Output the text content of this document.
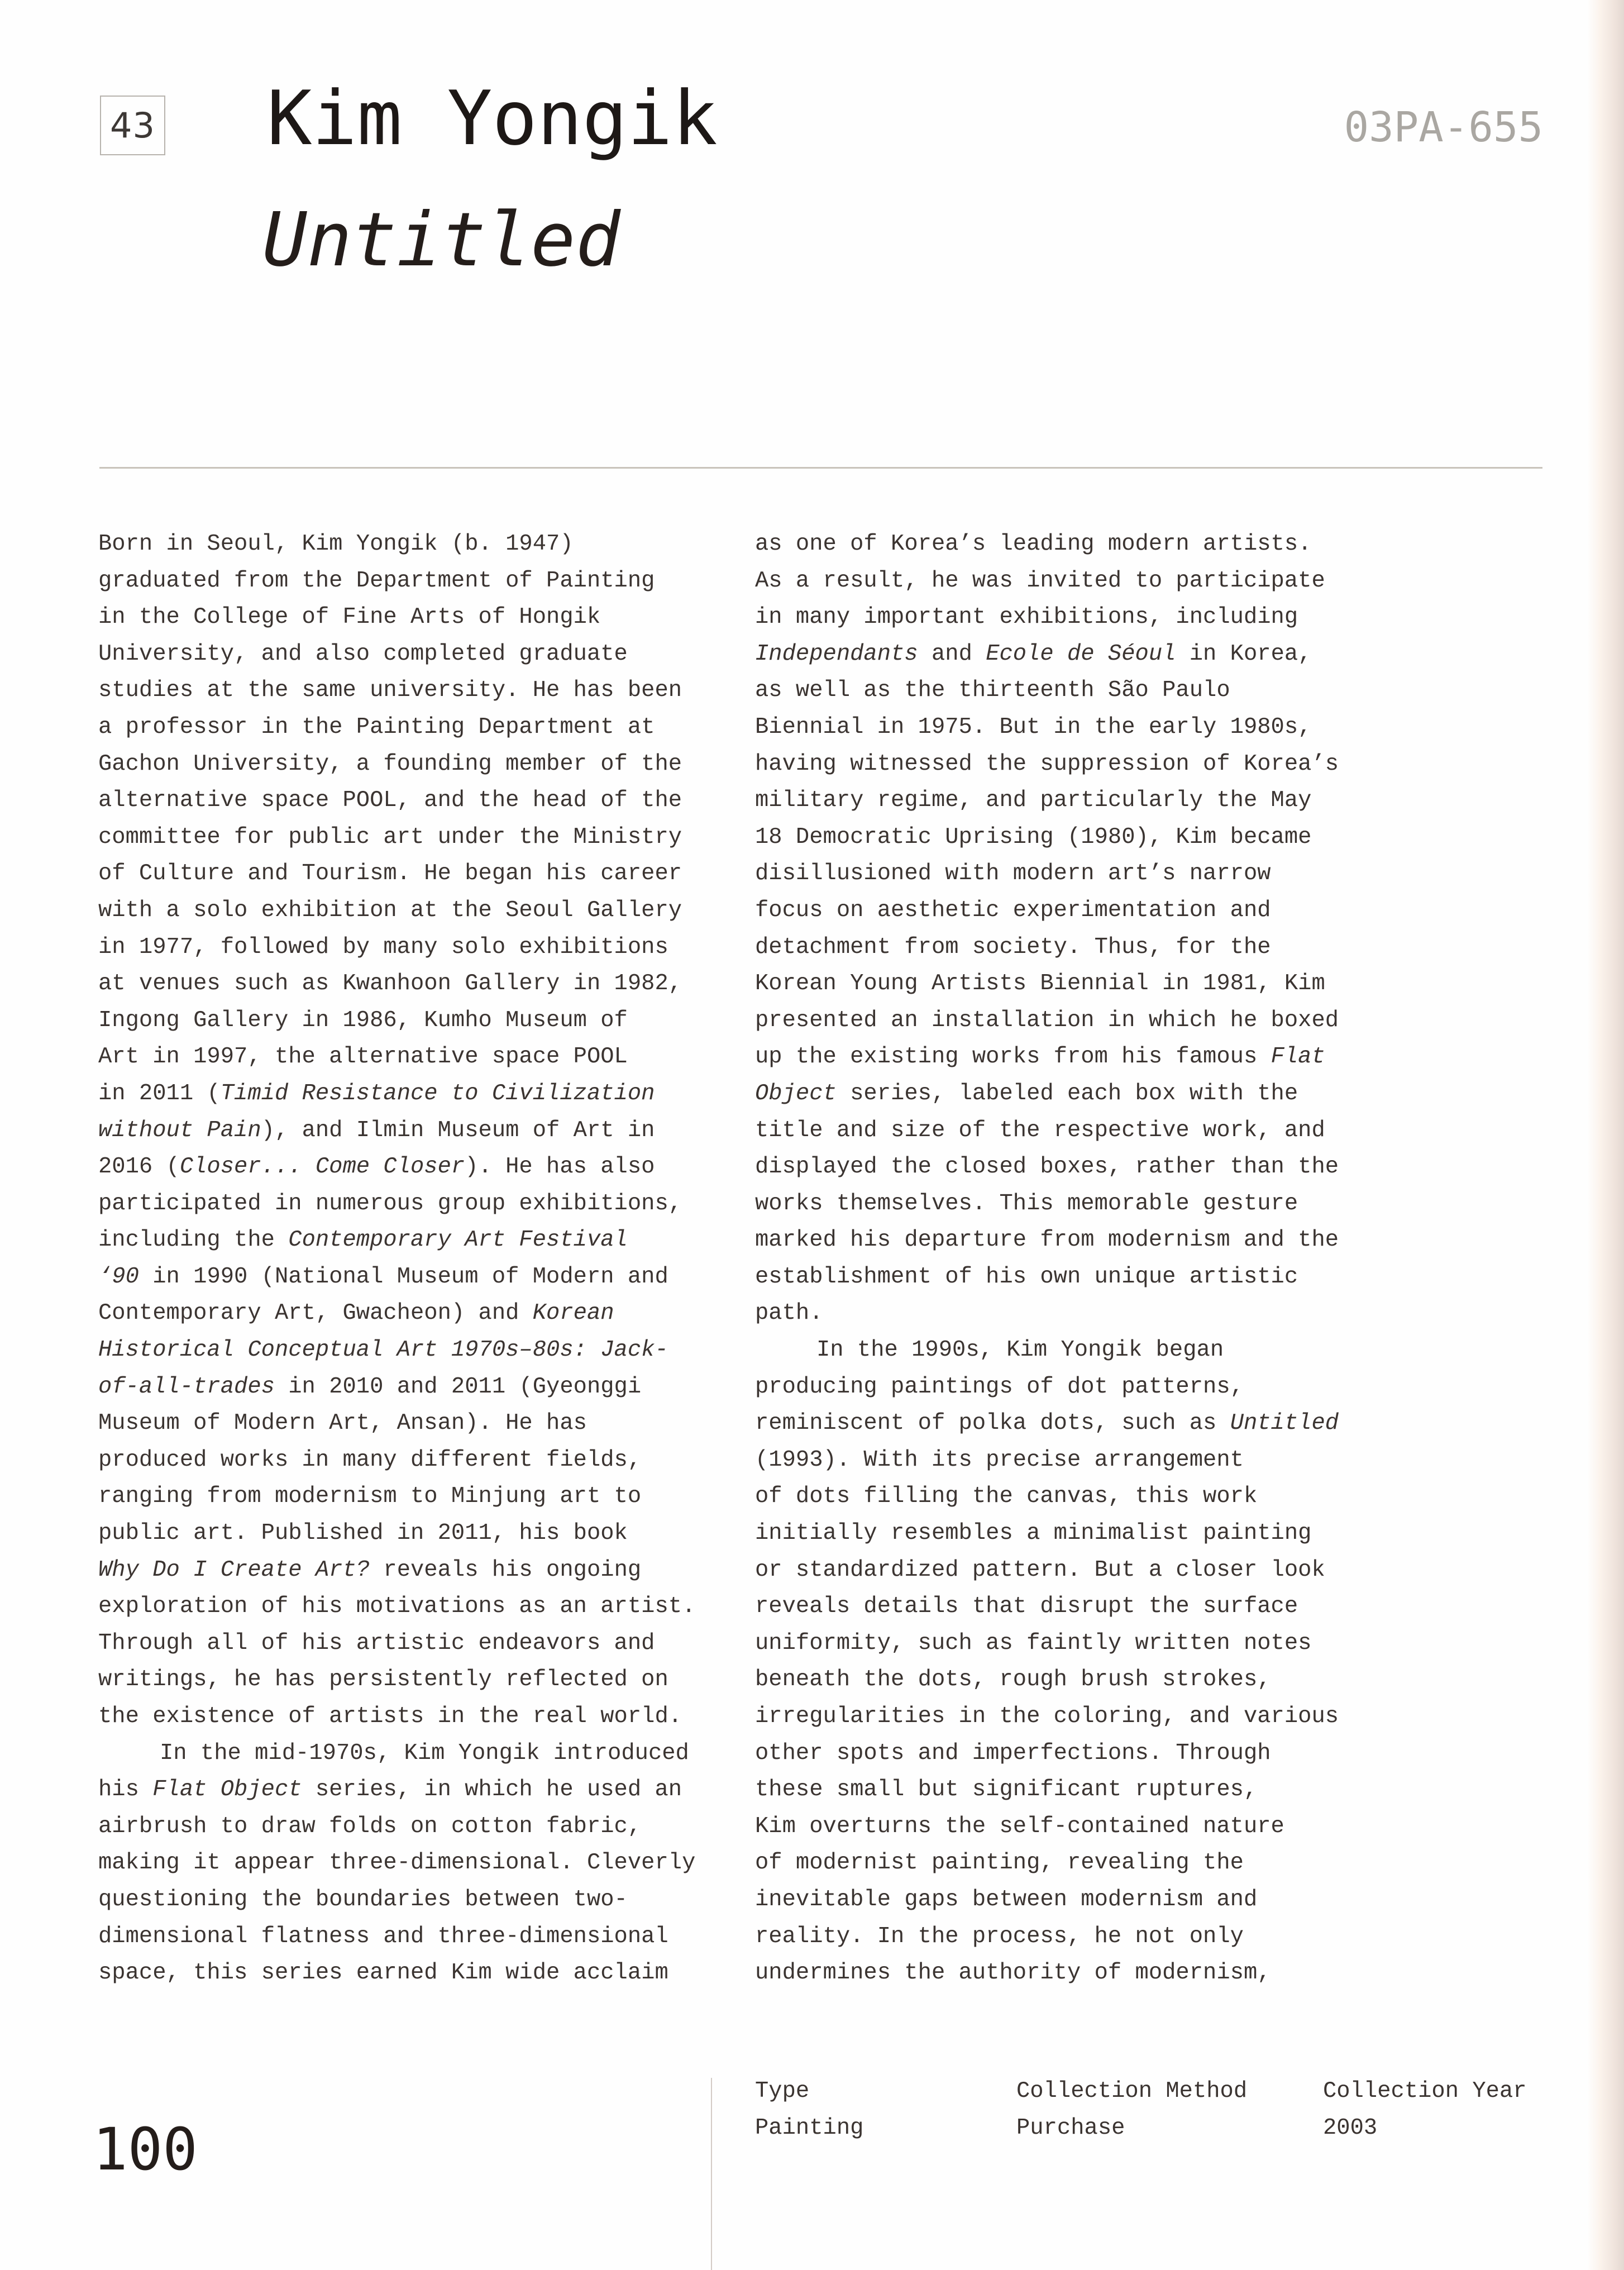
43 Kim Yongik
Untitled
03PA-655
Born in Seoul, Kim Yongik (b. 1947)
graduated from the Department of Painting
in the College of Fine Arts of Hongik
University, and also completed graduate
studies at the same university. He has been
a professor in the Painting Department at
Gachon University, a founding member of the
alternative space POOL, and the head of the
committee for public art under the Ministry
of Culture and Tourism. He began his career
with a solo exhibition at the Seoul Gallery
in 1977, followed by many solo exhibitions
at venues such as Kwanhoon Gallery in 1982,
Ingong Gallery in 1986, Kumho Museum of
Art in 1997, the alternative space POOL
in 2011 (Timid Resistance to Civilization
without Pain), and Ilmin Museum of Art in
2016 (Closer... Come Closer). He has also
participated in numerous group exhibitions,
including the Contemporary Art Festival
‘90 in 1990 (National Museum of Modern and
Contemporary Art, Gwacheon) and Korean
Historical Conceptual Art 1970s–80s: Jack-
of-all-trades in 2010 and 2011 (Gyeonggi
Museum of Modern Art, Ansan). He has
produced works in many different fields,
ranging from modernism to Minjung art to
public art. Published in 2011, his book
Why Do I Create Art? reveals his ongoing
exploration of his motivations as an artist.
Through all of his artistic endeavors and
writings, he has persistently reflected on
the existence of artists in the real world.
In the mid-1970s, Kim Yongik introduced
his Flat Object series, in which he used an
airbrush to draw folds on cotton fabric,
making it appear three-dimensional. Cleverly
questioning the boundaries between two-
dimensional flatness and three-dimensional
space, this series earned Kim wide acclaim
as one of Korea’s leading modern artists.
As a result, he was invited to participate
in many important exhibitions, including
Independants and Ecole de Séoul in Korea,
as well as the thirteenth São Paulo
Biennial in 1975. But in the early 1980s,
having witnessed the suppression of Korea’s
military regime, and particularly the May
18 Democratic Uprising (1980), Kim became
disillusioned with modern art’s narrow
focus on aesthetic experimentation and
detachment from society. Thus, for the
Korean Young Artists Biennial in 1981, Kim
presented an installation in which he boxed
up the existing works from his famous Flat
Object series, labeled each box with the
title and size of the respective work, and
displayed the closed boxes, rather than the
works themselves. This memorable gesture
marked his departure from modernism and the
establishment of his own unique artistic
path.
In the 1990s, Kim Yongik began
producing paintings of dot patterns,
reminiscent of polka dots, such as Untitled
(1993). With its precise arrangement
of dots filling the canvas, this work
initially resembles a minimalist painting
or standardized pattern. But a closer look
reveals details that disrupt the surface
uniformity, such as faintly written notes
beneath the dots, rough brush strokes,
irregularities in the coloring, and various
other spots and imperfections. Through
these small but significant ruptures,
Kim overturns the self-contained nature
of modernist painting, revealing the
inevitable gaps between modernism and
reality. In the process, he not only
undermines the authority of modernism,
100
Type
Painting
Collection Method
Purchase
Collection Year
2003
